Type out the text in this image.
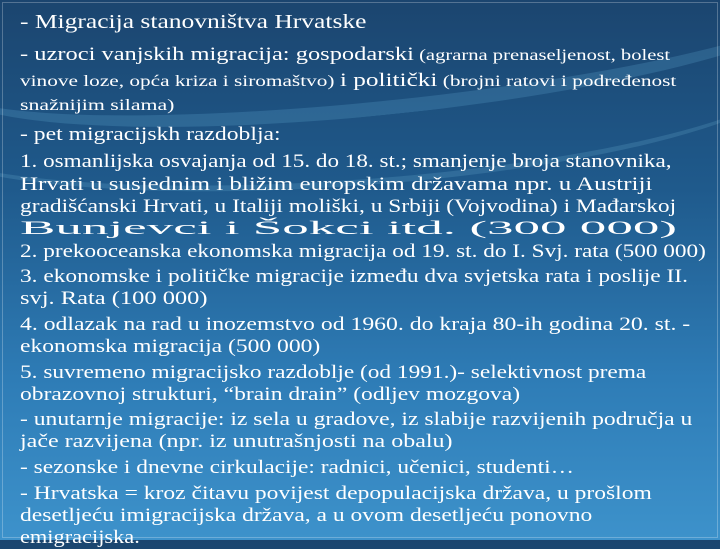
- Migracija stanovništva Hrvatske
- uzroci vanjskih migracija: gospodarski (agrarna prenaseljenost, bolest
vinove loze, opća kriza i siromaštvo) i politički (brojni ratovi i podređenost
snažnijim silama)
- pet migracijskh razdoblja:
1. osmanlijska osvajanja od 15. do 18. st.; smanjenje broja stanovnika,
Hrvati u susjednim i bližim europskim državama npr. u Austriji
gradišćanski Hrvati, u Italiji moliški, u Srbiji (Vojvodina) i Mađarskoj
Bunjevci i Šokci itd. (300 000)
2. prekooceanska ekonomska migracija od 19. st. do I. Svj. rata (500 000)
3. ekonomske i političke migracije između dva svjetska rata i poslije II.
svj. Rata (100 000)
4. odlazak na rad u inozemstvo od 1960. do kraja 80-ih godina 20. st. -
ekonomska migracija (500 000)
5. suvremeno migracijsko razdoblje (od 1991.)- selektivnost prema
obrazovnoj strukturi, “brain drain” (odljev mozgova)
- unutarnje migracije: iz sela u gradove, iz slabije razvijenih područja u
jače razvijena (npr. iz unutrašnjosti na obalu)
- sezonske i dnevne cirkulacije: radnici, učenici, studenti…
- Hrvatska = kroz čitavu povijest depopulacijska država, u prošlom
desetljeću imigracijska država, a u ovom desetljeću ponovno
emigracijska.
